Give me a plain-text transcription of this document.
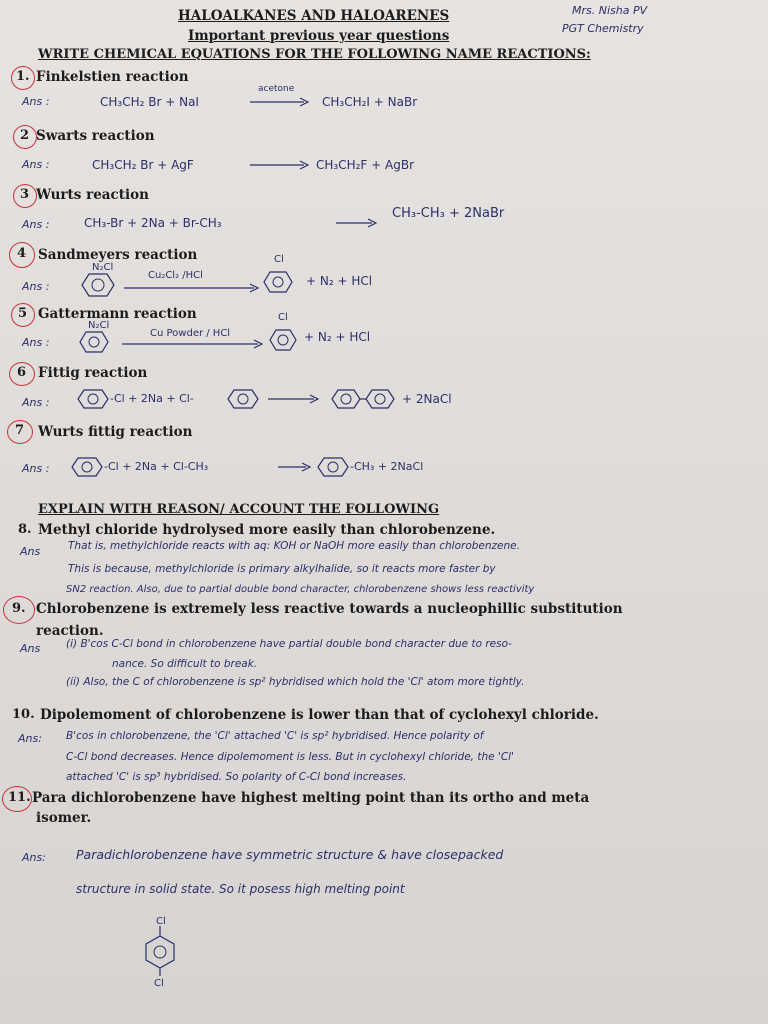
HALOALKANES AND HALOARENES
Important previous year questions
WRITE CHEMICAL EQUATIONS FOR THE FOLLOWING NAME REACTIONS:
Mrs. Nisha PV
PGT Chemistry
1. Finkelstien reaction
Ans :	CH₃CH₂ Br + NaI
acetone
→ CH₃CH₂I + NaBr
2 Swarts reaction
Ans :	CH₃CH₂ Br + AgF	→ CH₃CH₂F + AgBr
3 Wurts reaction
Ans :	CH₃-Br + 2Na + Br-CH₃
CH₃-CH₃ + 2NaBr
4 Sandmeyers reaction
Ans :
N₂Cl
Cu₂Cl₂ /HCl
Cl
+ N₂ + HCl
5 Gattermann reaction
Ans :
N₂Cl
Cu Powder / HCl
Cl
+ N₂ + HCl
6 Fittig reaction
Ans :	-Cl + 2Na + Cl-	+ 2NaCl
7 Wurts fittig reaction
Ans :	-Cl + 2Na + Cl-CH₃	-CH₃ + 2NaCl
EXPLAIN WITH REASON/ ACCOUNT THE FOLLOWING
8. Methyl chloride hydrolysed more easily than chlorobenzene.
Ans	That is, methylchloride reacts with aq: KOH or NaOH more easily than chlorobenzene.
This is because, methylchloride is primary alkylhalide, so it reacts more faster by
SN2 reaction. Also, due to partial double bond character, chlorobenzene shows less reactivity
9. Chlorobenzene is extremely less reactive towards a nucleophillic substitution
reaction.
Ans (i) B'cos C-Cl bond in chlorobenzene have partial double bond character due to reso-
nance. So difficult to break.
(ii) Also, the C of chlorobenzene is sp² hybridised which hold the 'Cl' atom more tightly.
10. Dipolemoment of chlorobenzene is lower than that of cyclohexyl chloride.
Ans: B'cos in chlorobenzene, the 'Cl' attached 'C' is sp² hybridised. Hence polarity of
C-Cl bond decreases. Hence dipolemoment is less. But in cyclohexyl chloride, the 'Cl'
attached 'C' is sp³ hybridised. So polarity of C-Cl bond increases.
11. Para dichlorobenzene have highest melting point than its ortho and meta
isomer.
Ans: Paradichlorobenzene have symmetric structure & have closepacked
structure in solid state. So it posess high melting point
Cl
Cl
